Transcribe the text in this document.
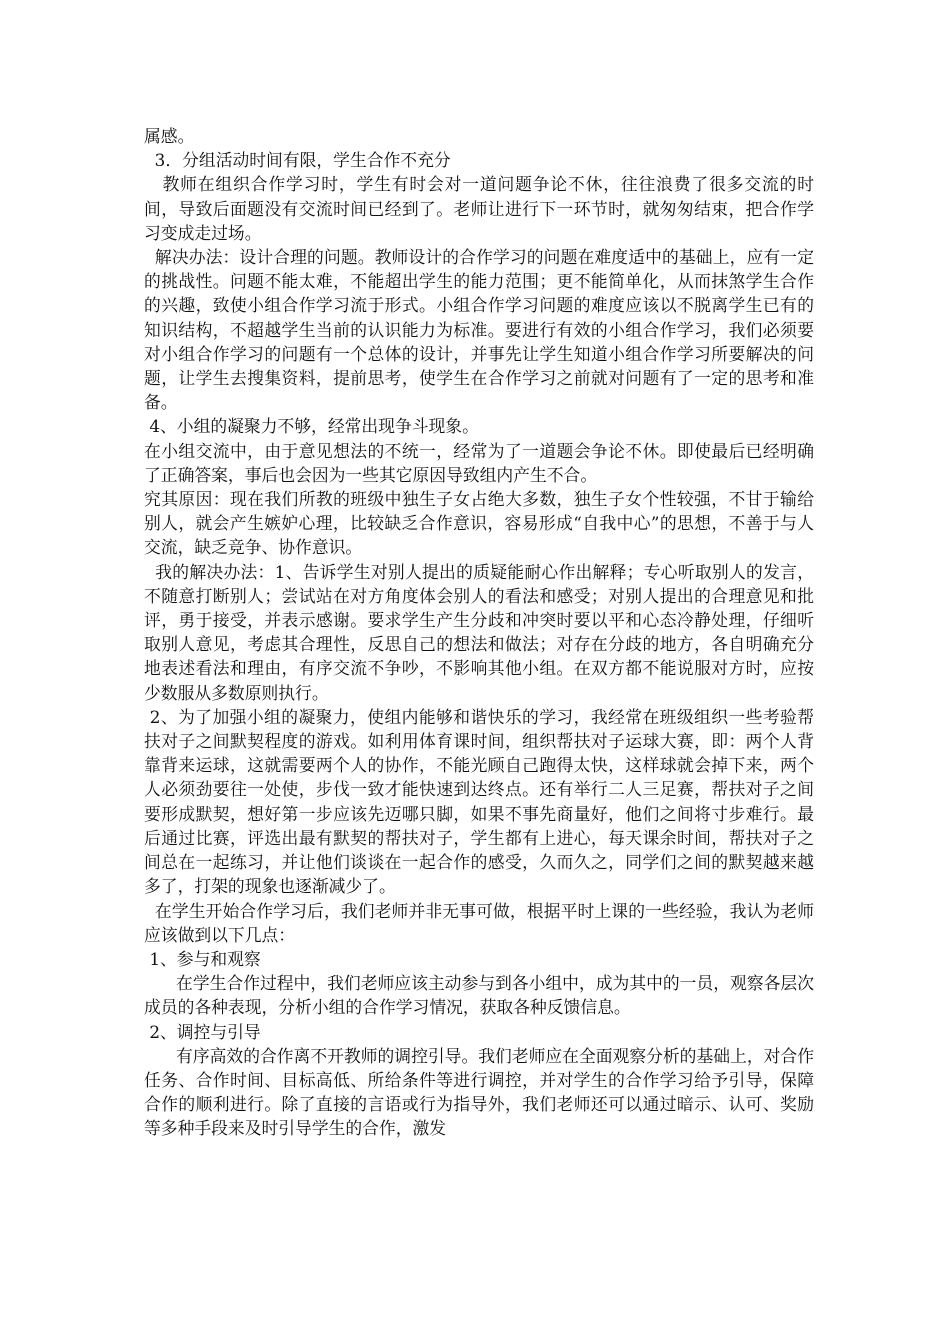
属感。

3．分组活动时间有限，学生合作不充分

教师在组织合作学习时，学生有时会对一道问题争论不休，往往浪费了很多交流的时间，导致后面题没有交流时间已经到了。老师让进行下一环节时，就匆匆结束，把合作学习变成走过场。

解决办法：设计合理的问题。教师设计的合作学习的问题在难度适中的基础上，应有一定的挑战性。问题不能太难，不能超出学生的能力范围；更不能简单化，从而抹煞学生合作的兴趣，致使小组合作学习流于形式。小组合作学习问题的难度应该以不脱离学生已有的知识结构，不超越学生当前的认识能力为标准。要进行有效的小组合作学习，我们必须要对小组合作学习的问题有一个总体的设计，并事先让学生知道小组合作学习所要解决的问题，让学生去搜集资料，提前思考，使学生在合作学习之前就对问题有了一定的思考和准备。

4、小组的凝聚力不够，经常出现争斗现象。

在小组交流中，由于意见想法的不统一，经常为了一道题会争论不休。即使最后已经明确了正确答案，事后也会因为一些其它原因导致组内产生不合。

究其原因：现在我们所教的班级中独生子女占绝大多数，独生子女个性较强，不甘于输给别人，就会产生嫉妒心理，比较缺乏合作意识，容易形成“自我中心”的思想，不善于与人交流，缺乏竞争、协作意识。

我的解决办法：1、告诉学生对别人提出的质疑能耐心作出解释；专心听取别人的发言，不随意打断别人；尝试站在对方角度体会别人的看法和感受；对别人提出的合理意见和批评，勇于接受，并表示感谢。要求学生产生分歧和冲突时要以平和心态冷静处理，仔细听取别人意见，考虑其合理性，反思自己的想法和做法；对存在分歧的地方，各自明确充分地表述看法和理由，有序交流不争吵，不影响其他小组。在双方都不能说服对方时，应按少数服从多数原则执行。

2、为了加强小组的凝聚力，使组内能够和谐快乐的学习，我经常在班级组织一些考验帮扶对子之间默契程度的游戏。如利用体育课时间，组织帮扶对子运球大赛，即：两个人背靠背来运球，这就需要两个人的协作，不能光顾自己跑得太快，这样球就会掉下来，两个人必须劲要往一处使，步伐一致才能快速到达终点。还有举行二人三足赛，帮扶对子之间要形成默契，想好第一步应该先迈哪只脚，如果不事先商量好，他们之间将寸步难行。最后通过比赛，评选出最有默契的帮扶对子，学生都有上进心，每天课余时间，帮扶对子之间总在一起练习，并让他们谈谈在一起合作的感受，久而久之，同学们之间的默契越来越多了，打架的现象也逐渐减少了。

在学生开始合作学习后，我们老师并非无事可做，根据平时上课的一些经验，我认为老师应该做到以下几点：

1、参与和观察

在学生合作过程中，我们老师应该主动参与到各小组中，成为其中的一员，观察各层次成员的各种表现，分析小组的合作学习情况，获取各种反馈信息。

2、调控与引导

有序高效的合作离不开教师的调控引导。我们老师应在全面观察分析的基础上，对合作任务、合作时间、目标高低、所给条件等进行调控，并对学生的合作学习给予引导，保障合作的顺利进行。除了直接的言语或行为指导外，我们老师还可以通过暗示、认可、奖励等多种手段来及时引导学生的合作，激发
